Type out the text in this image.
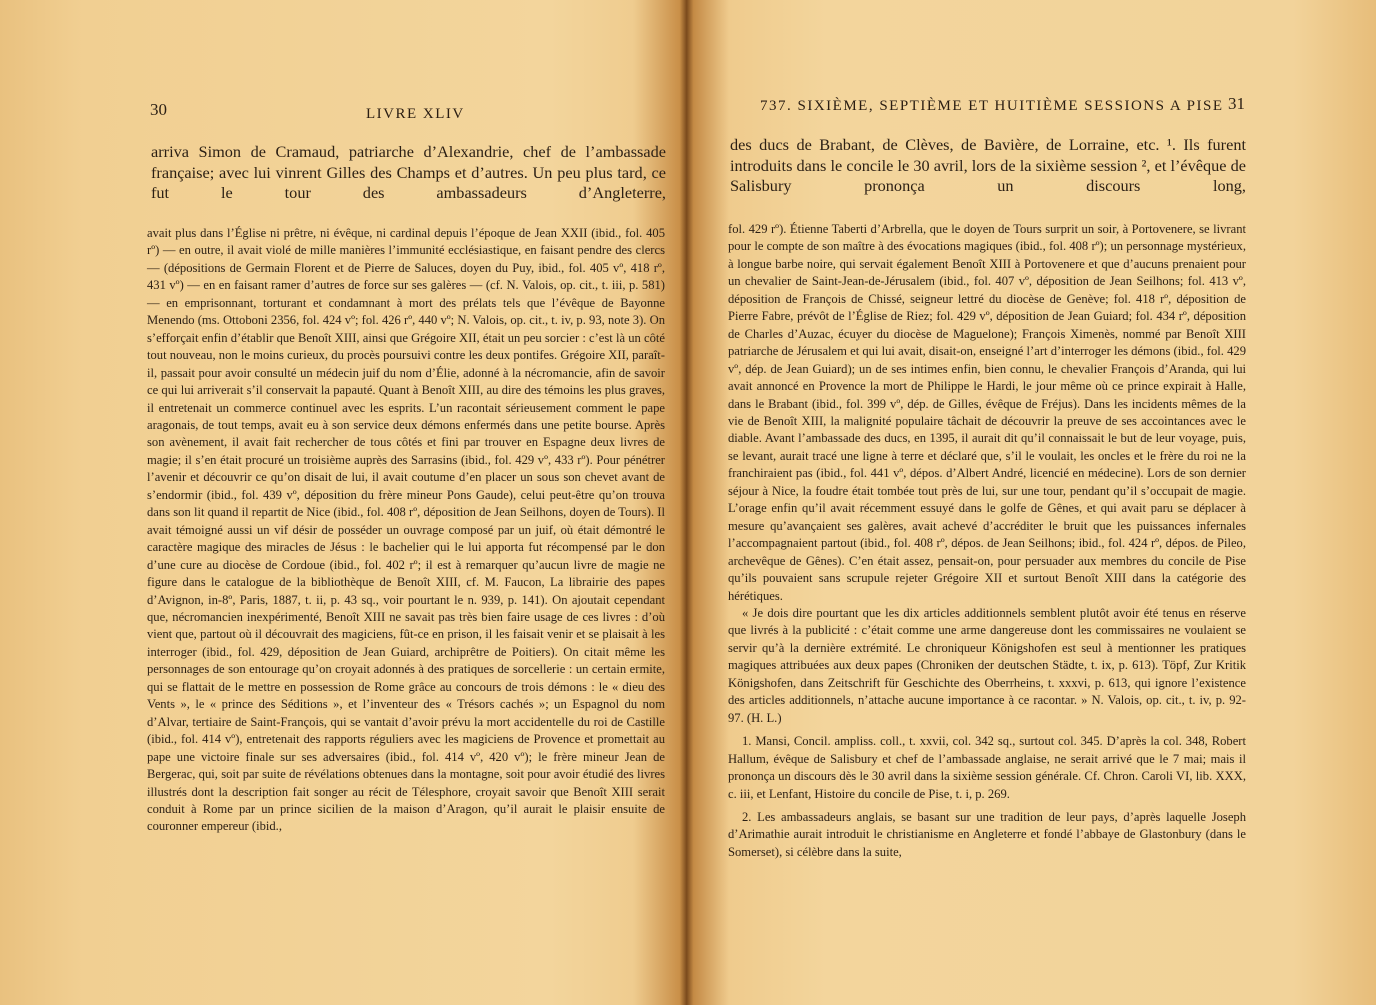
30	LIVRE XLIV
arriva Simon de Cramaud, patriarche d’Alexandrie, chef de l’ambassade française; avec lui vinrent Gilles des Champs et d’autres. Un peu plus tard, ce fut le tour des ambassadeurs d’Angleterre,

avait plus dans l’Église ni prêtre, ni évêque, ni cardinal depuis l’époque de Jean XXII (ibid., fol. 405 rº) — en outre, il avait violé de mille manières l’immunité ecclésiastique, en faisant pendre des clercs — (dépositions de Germain Florent et de Pierre de Saluces, doyen du Puy, ibid., fol. 405 vº, 418 rº, 431 vº) — en en faisant ramer d’autres de force sur ses galères — (cf. N. Valois, op. cit., t. iii, p. 581) — en emprisonnant, torturant et condamnant à mort des prélats tels que l’évêque de Bayonne Menendo (ms. Ottoboni 2356, fol. 424 vº; fol. 426 rº, 440 vº; N. Valois, op. cit., t. iv, p. 93, note 3). On s’efforçait enfin d’établir que Benoît XIII, ainsi que Grégoire XII, était un peu sorcier : c’est là un côté tout nouveau, non le moins curieux, du procès poursuivi contre les deux pontifes. Grégoire XII, paraît-il, passait pour avoir consulté un médecin juif du nom d’Élie, adonné à la nécromancie, afin de savoir ce qui lui arriverait s’il conservait la papauté. Quant à Benoît XIII, au dire des témoins les plus graves, il entretenait un commerce continuel avec les esprits. L’un racontait sérieusement comment le pape aragonais, de tout temps, avait eu à son service deux démons enfermés dans une petite bourse. Après son avènement, il avait fait rechercher de tous côtés et fini par trouver en Espagne deux livres de magie; il s’en était procuré un troisième auprès des Sarrasins (ibid., fol. 429 vº, 433 rº). Pour pénétrer l’avenir et découvrir ce qu’on disait de lui, il avait coutume d’en placer un sous son chevet avant de s’endormir (ibid., fol. 439 vº, déposition du frère mineur Pons Gaude), celui peut-être qu’on trouva dans son lit quand il repartit de Nice (ibid., fol. 408 rº, déposition de Jean Seilhons, doyen de Tours). Il avait témoigné aussi un vif désir de posséder un ouvrage composé par un juif, où était démontré le caractère magique des miracles de Jésus : le bachelier qui le lui apporta fut récompensé par le don d’une cure au diocèse de Cordoue (ibid., fol. 402 rº; il est à remarquer qu’aucun livre de magie ne figure dans le catalogue de la bibliothèque de Benoît XIII, cf. M. Faucon, La librairie des papes d’Avignon, in-8º, Paris, 1887, t. ii, p. 43 sq., voir pourtant le n. 939, p. 141). On ajoutait cependant que, nécromancien inexpérimenté, Benoît XIII ne savait pas très bien faire usage de ces livres : d’où vient que, partout où il découvrait des magiciens, fût-ce en prison, il les faisait venir et se plaisait à les interroger (ibid., fol. 429, déposition de Jean Guiard, archiprêtre de Poitiers). On citait même les personnages de son entourage qu’on croyait adonnés à des pratiques de sorcellerie : un certain ermite, qui se flattait de le mettre en possession de Rome grâce au concours de trois démons : le « dieu des Vents », le « prince des Séditions », et l’inventeur des « Trésors cachés »; un Espagnol du nom d’Alvar, tertiaire de Saint-François, qui se vantait d’avoir prévu la mort accidentelle du roi de Castille (ibid., fol. 414 vº), entretenait des rapports réguliers avec les magiciens de Provence et promettait au pape une victoire finale sur ses adversaires (ibid., fol. 414 vº, 420 vº); le frère mineur Jean de Bergerac, qui, soit par suite de révélations obtenues dans la montagne, soit pour avoir étudié des livres illustrés dont la description fait songer au récit de Télesphore, croyait savoir que Benoît XIII serait conduit à Rome par un prince sicilien de la maison d’Aragon, qu’il aurait le plaisir ensuite de couronner empereur (ibid.,

737. SIXIÈME, SEPTIÈME ET HUITIÈME SESSIONS A PISE 31
des ducs de Brabant, de Clèves, de Bavière, de Lorraine, etc. ¹. Ils furent introduits dans le concile le 30 avril, lors de la sixième session ², et l’évêque de Salisbury prononça un discours long,

fol. 429 rº). Étienne Taberti d’Arbrella, que le doyen de Tours surprit un soir, à Portovenere, se livrant pour le compte de son maître à des évocations magiques (ibid., fol. 408 rº); un personnage mystérieux, à longue barbe noire, qui servait également Benoît XIII à Portovenere et que d’aucuns prenaient pour un chevalier de Saint-Jean-de-Jérusalem (ibid., fol. 407 vº, déposition de Jean Seilhons; fol. 413 vº, déposition de François de Chissé, seigneur lettré du diocèse de Genève; fol. 418 rº, déposition de Pierre Fabre, prévôt de l’Église de Riez; fol. 429 vº, déposition de Jean Guiard; fol. 434 rº, déposition de Charles d’Auzac, écuyer du diocèse de Maguelone); François Ximenès, nommé par Benoît XIII patriarche de Jérusalem et qui lui avait, disait-on, enseigné l’art d’interroger les démons (ibid., fol. 429 vº, dép. de Jean Guiard); un de ses intimes enfin, bien connu, le chevalier François d’Aranda, qui lui avait annoncé en Provence la mort de Philippe le Hardi, le jour même où ce prince expirait à Halle, dans le Brabant (ibid., fol. 399 vº, dép. de Gilles, évêque de Fréjus). Dans les incidents mêmes de la vie de Benoît XIII, la malignité populaire tâchait de découvrir la preuve de ses accointances avec le diable. Avant l’ambassade des ducs, en 1395, il aurait dit qu’il connaissait le but de leur voyage, puis, se levant, aurait tracé une ligne à terre et déclaré que, s’il le voulait, les oncles et le frère du roi ne la franchiraient pas (ibid., fol. 441 vº, dépos. d’Albert André, licencié en médecine). Lors de son dernier séjour à Nice, la foudre était tombée tout près de lui, sur une tour, pendant qu’il s’occupait de magie. L’orage enfin qu’il avait récemment essuyé dans le golfe de Gênes, et qui avait paru se déplacer à mesure qu’avançaient ses galères, avait achevé d’accréditer le bruit que les puissances infernales l’accompagnaient partout (ibid., fol. 408 rº, dépos. de Jean Seilhons; ibid., fol. 424 rº, dépos. de Pileo, archevêque de Gênes). C’en était assez, pensait-on, pour persuader aux membres du concile de Pise qu’ils pouvaient sans scrupule rejeter Grégoire XII et surtout Benoît XIII dans la catégorie des hérétiques.

« Je dois dire pourtant que les dix articles additionnels semblent plutôt avoir été tenus en réserve que livrés à la publicité : c’était comme une arme dangereuse dont les commissaires ne voulaient se servir qu’à la dernière extrémité. Le chroniqueur Königshofen est seul à mentionner les pratiques magiques attribuées aux deux papes (Chroniken der deutschen Städte, t. ix, p. 613). Töpf, Zur Kritik Königshofen, dans Zeitschrift für Geschichte des Oberrheins, t. xxxvi, p. 613, qui ignore l’existence des articles additionnels, n’attache aucune importance à ce racontar. » N. Valois, op. cit., t. iv, p. 92-97. (H. L.)

1. Mansi, Concil. ampliss. coll., t. xxvii, col. 342 sq., surtout col. 345. D’après la col. 348, Robert Hallum, évêque de Salisbury et chef de l’ambassade anglaise, ne serait arrivé que le 7 mai; mais il prononça un discours dès le 30 avril dans la sixième session générale. Cf. Chron. Caroli VI, lib. XXX, c. iii, et Lenfant, Histoire du concile de Pise, t. i, p. 269.

2. Les ambassadeurs anglais, se basant sur une tradition de leur pays, d’après laquelle Joseph d’Arimathie aurait introduit le christianisme en Angleterre et fondé l’abbaye de Glastonbury (dans le Somerset), si célèbre dans la suite,
